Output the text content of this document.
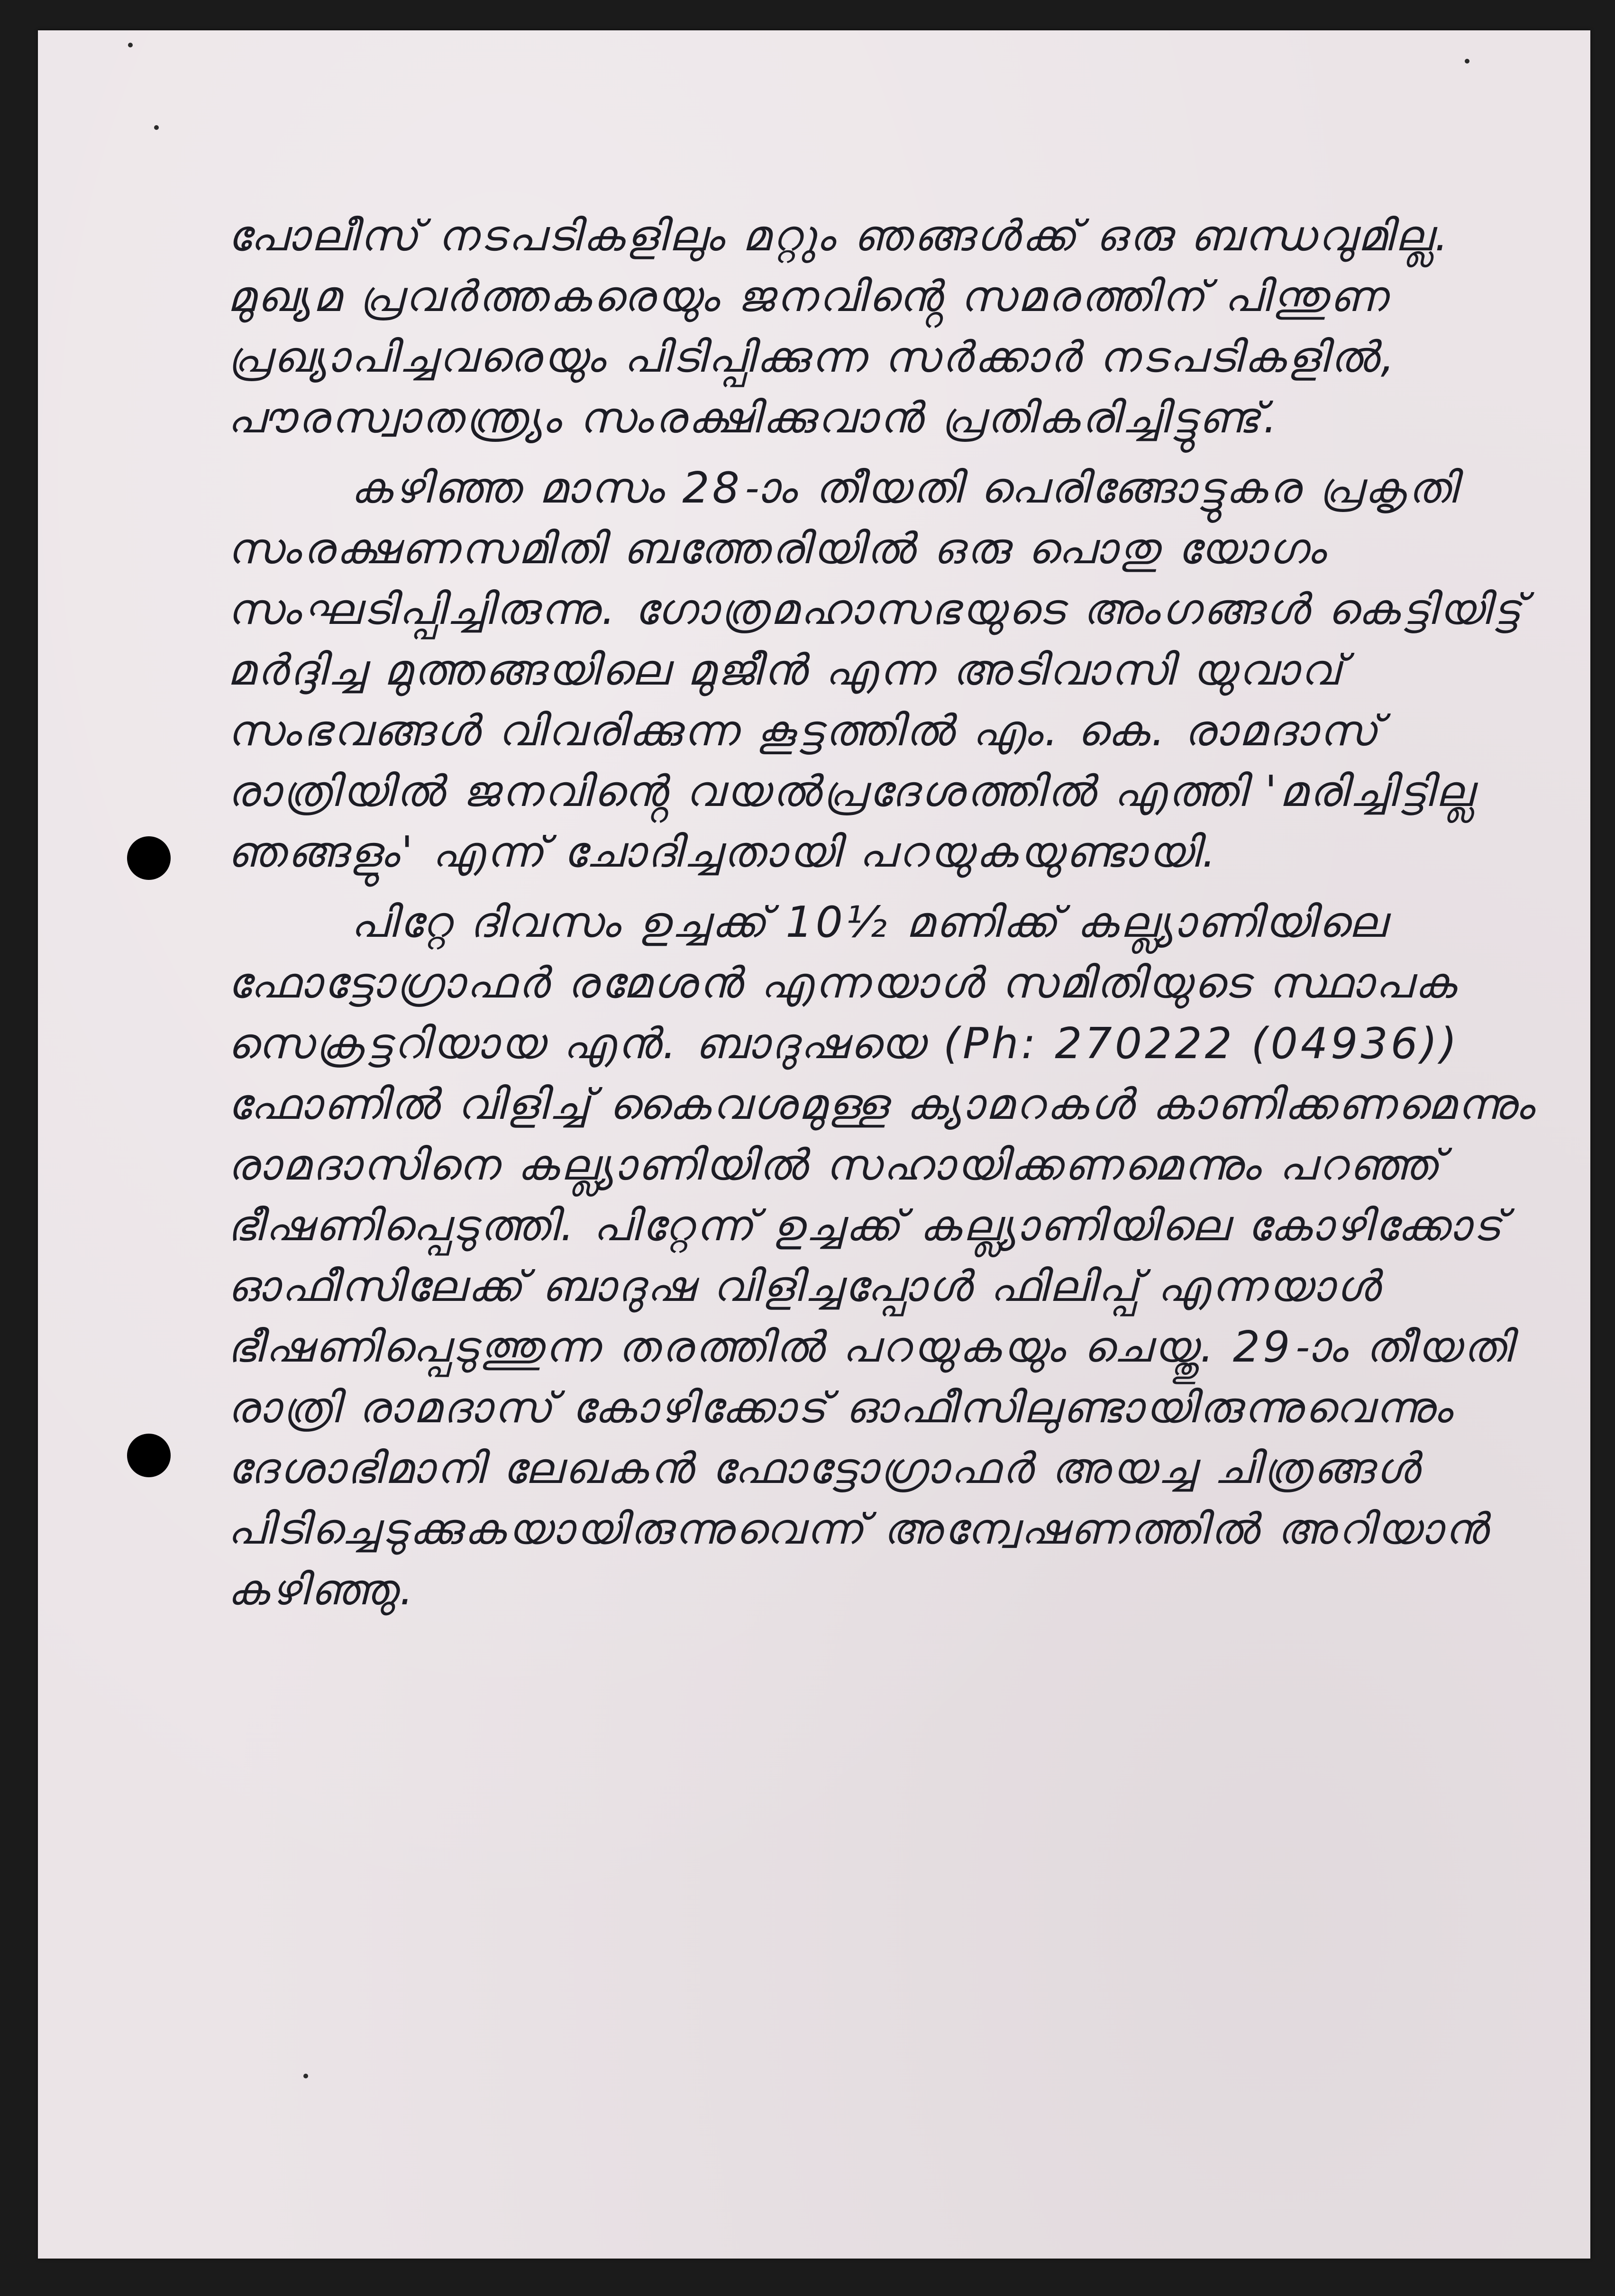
പോലീസ് നടപടികളിലും മറ്റും ഞങ്ങൾക്ക് ഒരു ബന്ധവുമില്ല. മുഖ്യമ പ്രവർത്തകരെയും ജനവിൻ്റെ സമരത്തിന് പിന്തുണ പ്രഖ്യാപിച്ചവരെയും പിടിപ്പിക്കുന്ന സർക്കാർ നടപടികളിൽ, പൗരസ്വാതന്ത്ര്യം സംരക്ഷിക്കുവാൻ പ്രതികരിച്ചിട്ടുണ്ട്.

കഴിഞ്ഞ മാസം 28-ാം തീയതി പെരിങ്ങോട്ടുകര പ്രകൃതി സംരക്ഷണസമിതി ബത്തേരിയിൽ ഒരു പൊതു യോഗം സംഘടിപ്പിച്ചിരുന്നു. ഗോത്രമഹാസഭയുടെ അംഗങ്ങൾ കെട്ടിയിട്ട് മർദ്ദിച്ച മുത്തങ്ങയിലെ മുജീൻ എന്ന അടിവാസി യുവാവ് സംഭവങ്ങൾ വിവരിക്കുന്ന കൂട്ടത്തിൽ എം. കെ. രാമദാസ് രാത്രിയിൽ ജനവിൻ്റെ വയൽപ്രദേശത്തിൽ എത്തി 'മരിച്ചിട്ടില്ല ഞങ്ങളും' എന്ന് ചോദിച്ചതായി പറയുകയുണ്ടായി.

പിറ്റേ ദിവസം ഉച്ചക്ക് 10½ മണിക്ക് കല്ല്യാണിയിലെ ഫോട്ടോഗ്രാഫർ രമേശൻ എന്നയാൾ സമിതിയുടെ സ്ഥാപക സെക്രട്ടറിയായ എൻ. ബാദുഷയെ (Ph: 270222 (04936)) ഫോണിൽ വിളിച്ച് കൈവശമുള്ള ക്യാമറകൾ കാണിക്കണമെന്നും രാമദാസിനെ കല്ല്യാണിയിൽ സഹായിക്കണമെന്നും പറഞ്ഞ് ഭീഷണിപ്പെടുത്തി. പിറ്റേന്ന് ഉച്ചക്ക് കല്ല്യാണിയിലെ കോഴിക്കോട് ഓഫീസിലേക്ക് ബാദുഷ വിളിച്ചപ്പോൾ ഫിലിപ്പ് എന്നയാൾ ഭീഷണിപ്പെടുത്തുന്ന തരത്തിൽ പറയുകയും ചെയ്തു. 29-ാം തീയതി രാത്രി രാമദാസ് കോഴിക്കോട് ഓഫീസിലുണ്ടായിരുന്നുവെന്നും ദേശാഭിമാനി ലേഖകൻ ഫോട്ടോഗ്രാഫർ അയച്ച ചിത്രങ്ങൾ പിടിച്ചെടുക്കുകയായിരുന്നുവെന്ന് അന്വേഷണത്തിൽ അറിയാൻ കഴിഞ്ഞു.
